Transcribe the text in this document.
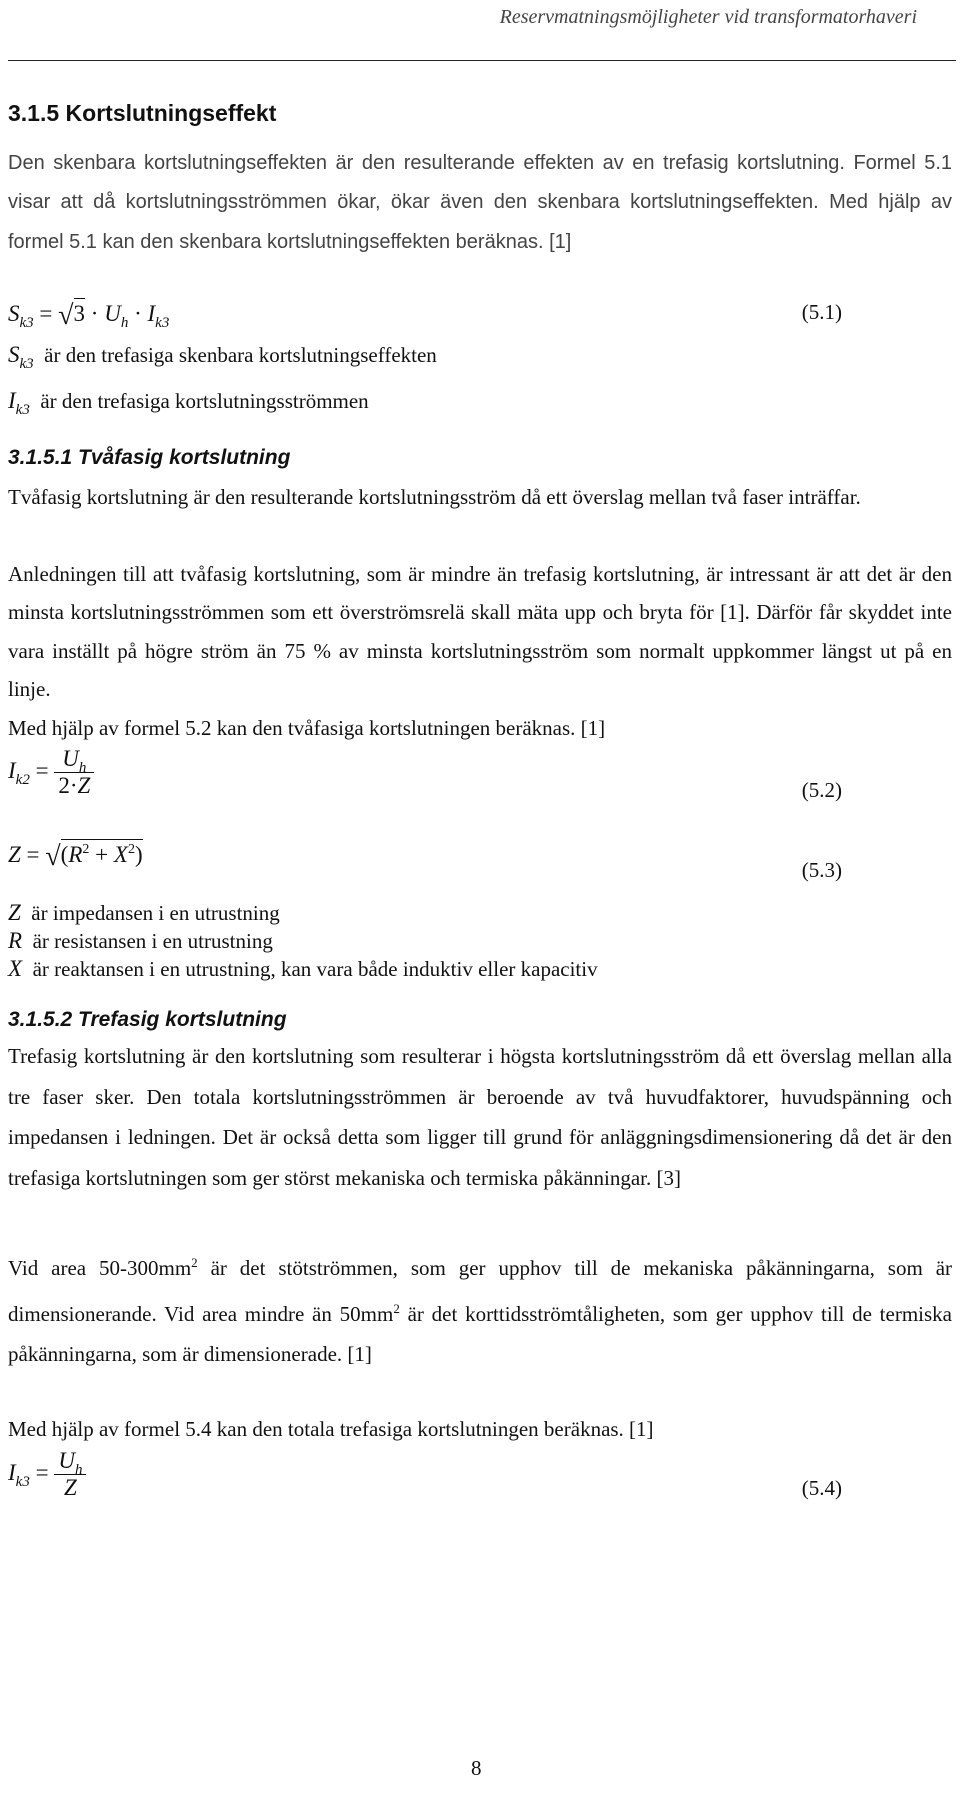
Reservmatningsmöjligheter vid transformatorhaveri
3.1.5 Kortslutningseffekt

Den skenbara kortslutningseffekten är den resulterande effekten av en trefasig kortslutning. Formel 5.1 visar att då kortslutningsströmmen ökar, ökar även den skenbara kortslutningseffekten. Med hjälp av formel 5.1 kan den skenbara kortslutningseffekten beräknas. [1]

$S_{k3} = √3 \cdot U_h \cdot I_{k3}$	(5.1)
$S_{k3}$ är den trefasiga skenbara kortslutningseffekten
$I_{k3}$ är den trefasiga kortslutningsströmmen
3.1.5.1 Tvåfasig kortslutning

Tvåfasig kortslutning är den resulterande kortslutningsström då ett överslag mellan två faser inträffar.

Anledningen till att tvåfasig kortslutning, som är mindre än trefasig kortslutning, är intressant är att det är den minsta kortslutningsströmmen som ett överströmsrelä skall mäta upp och bryta för [1]. Därför får skyddet inte vara inställt på högre ström än 75 % av minsta kortslutningsström som normalt uppkommer längst ut på en linje.

Med hjälp av formel 5.2 kan den tvåfasiga kortslutningen beräknas. [1]

$I_{k2} = \frac{U_h}{2\cdot Z}$	(5.2)
$Z = √(R^2 + X^2)$
(5.3)
Z är impedansen i en utrustning
R är resistansen i en utrustning
X är reaktansen i en utrustning, kan vara både induktiv eller kapacitiv
3.1.5.2 Trefasig kortslutning

Trefasig kortslutning är den kortslutning som resulterar i högsta kortslutningsström då ett överslag mellan alla tre faser sker. Den totala kortslutningsströmmen är beroende av två huvudfaktorer, huvudspänning och impedansen i ledningen. Det är också detta som ligger till grund för anläggningsdimensionering då det är den trefasiga kortslutningen som ger störst mekaniska och termiska påkänningar. [3]

Vid area $50-300mm^2$ är det stötströmmen, som ger upphov till de mekaniska påkänningarna, som är dimensionerande. Vid area mindre än $50mm^2$ är det korttidsströmtåligheten, som ger upphov till de termiska påkänningarna, som är dimensionerade. [1]

Med hjälp av formel 5.4 kan den totala trefasiga kortslutningen beräknas. [1]

$I_{k3} = \frac{U_h}{Z}$	(5.4)
8
